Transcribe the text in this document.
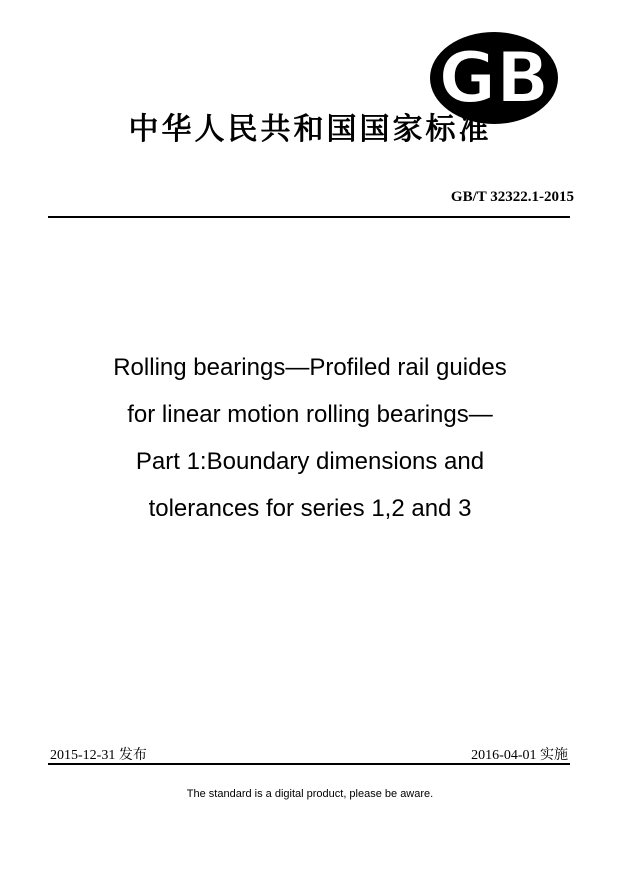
GB
中华人民共和国国家标准
GB/T 32322.1-2015
Rolling bearings—Profiled rail guides
for linear motion rolling bearings—
Part 1:Boundary dimensions and
tolerances for series 1,2 and 3
2015-12-31 发布	2016-04-01 实施
The standard is a digital product, please be aware.
